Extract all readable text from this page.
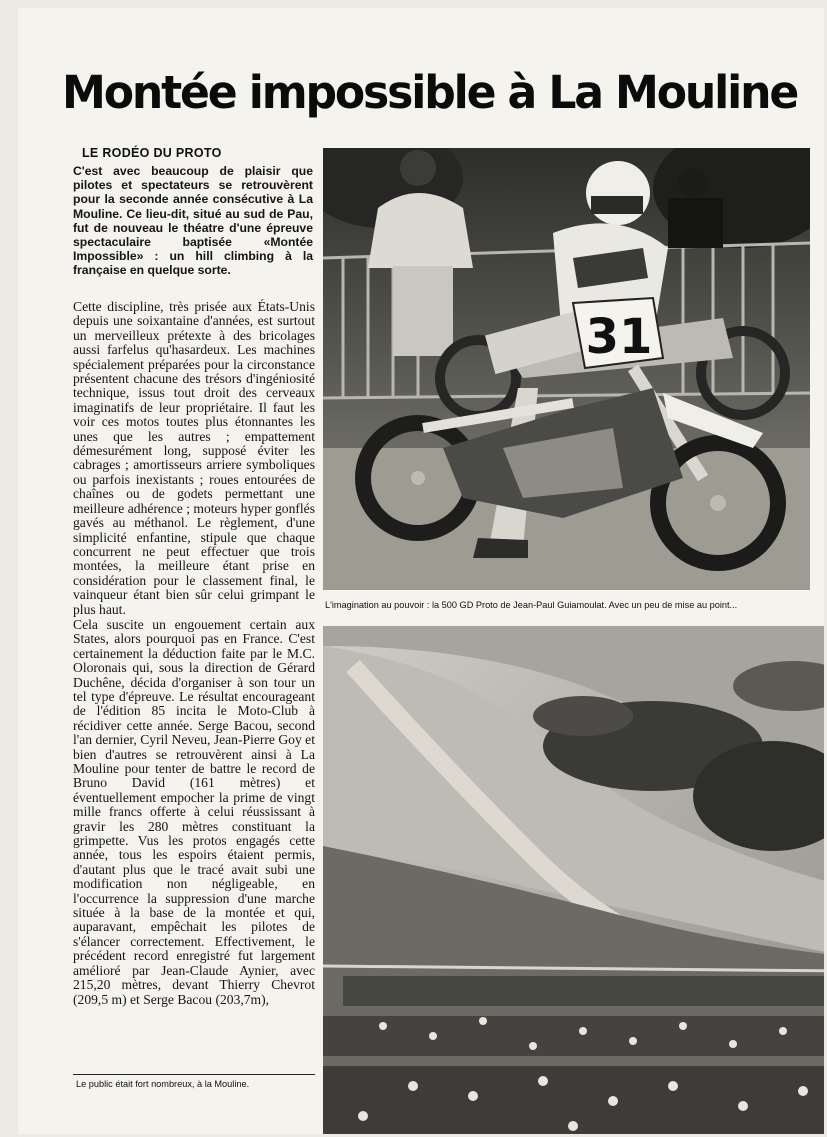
Montée impossible à La Mouline
LE RODÉO DU PROTO

C'est avec beaucoup de plaisir que pilotes et spectateurs se retrouvèrent pour la seconde année consécutive à La Mouline. Ce lieu-dit, situé au sud de Pau, fut de nouveau le théatre d'une épreuve spectaculaire baptisée «Montée Impossible» : un hill climbing à la française en quelque sorte.

Cette discipline, très prisée aux États-Unis depuis une soixantaine d'années, est surtout un merveilleux prétexte à des bricolages aussi farfelus qu'hasardeux. Les machines spécialement préparées pour la circonstance présentent chacune des trésors d'ingéniosité technique, issus tout droit des cerveaux imaginatifs de leur propriétaire. Il faut les voir ces motos toutes plus étonnantes les unes que les autres ; empattement démesurément long, supposé éviter les cabrages ; amortisseurs arriere symboliques ou parfois inexistants ; roues entourées de chaînes ou de godets permettant une meilleure adhérence ; moteurs hyper gonflés gavés au méthanol. Le règlement, d'une simplicité enfantine, stipule que chaque concurrent ne peut effectuer que trois montées, la meilleure étant prise en considération pour le classement final, le vainqueur étant bien sûr celui grimpant le plus haut.

Cela suscite un engouement certain aux States, alors pourquoi pas en France. C'est certainement la déduction faite par le M.C. Oloronais qui, sous la direction de Gérard Duchêne, décida d'organiser à son tour un tel type d'épreuve. Le résultat encourageant de l'édition 85 incita le Moto-Club à récidiver cette année. Serge Bacou, second l'an dernier, Cyril Neveu, Jean-Pierre Goy et bien d'autres se retrouvèrent ainsi à La Mouline pour tenter de battre le record de Bruno David (161 mètres) et éventuellement empocher la prime de vingt mille francs offerte à celui réussissant à gravir les 280 mètres constituant la grimpette. Vus les protos engagés cette année, tous les espoirs étaient permis, d'autant plus que le tracé avait subi une modification non négligeable, en l'occurrence la suppression d'une marche située à la base de la montée et qui, auparavant, empêchait les pilotes de s'élancer correctement. Effectivement, le précédent record enregistré fut largement amélioré par Jean-Claude Aynier, avec 215,20 mètres, devant Thierry Chevrot (209,5 m) et Serge Bacou (203,7m),

31
L'imagination au pouvoir : la 500 GD Proto de Jean-Paul Guiamoulat. Avec un peu de mise au point...
Le public était fort nombreux, à la Mouline.
